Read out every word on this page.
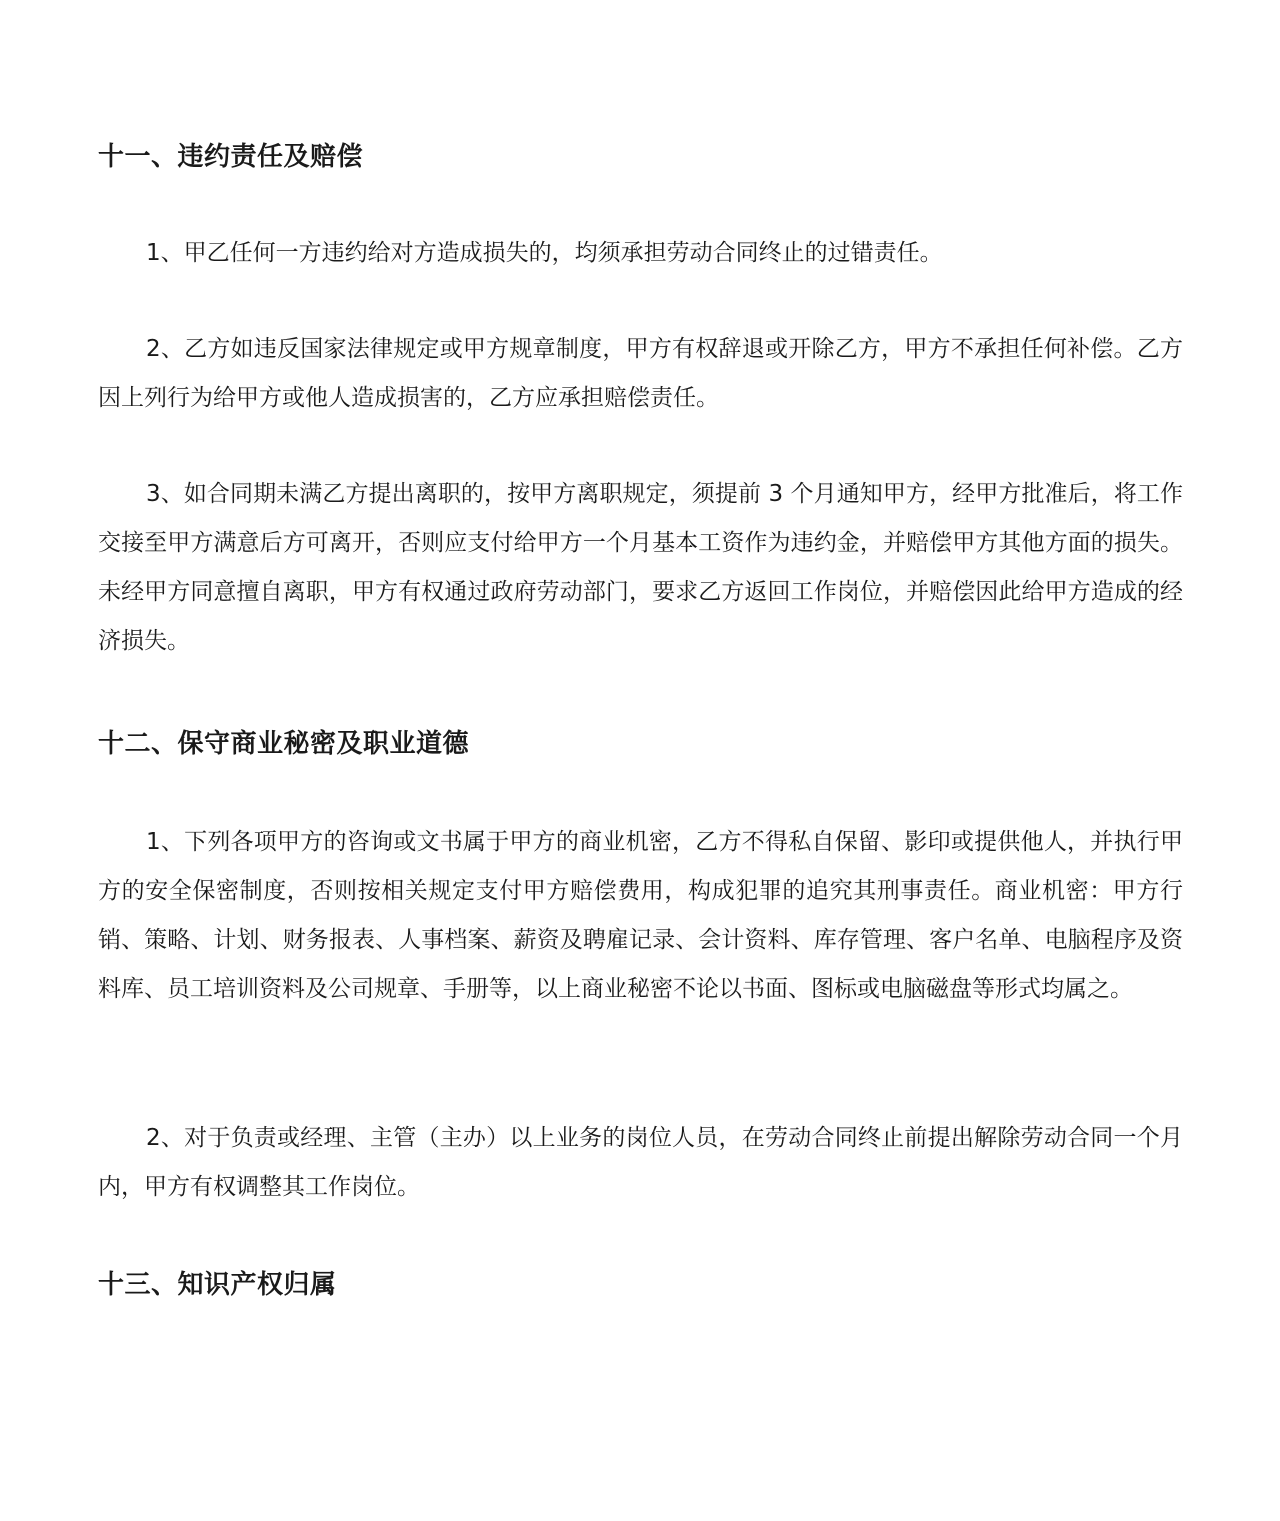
十一、违约责任及赔偿
1、甲乙任何一方违约给对方造成损失的，均须承担劳动合同终止的过错责任。
2、乙方如违反国家法律规定或甲方规章制度，甲方有权辞退或开除乙方，甲方不承担任何补偿。乙方因上列行为给甲方或他人造成损害的，乙方应承担赔偿责任。
3、如合同期未满乙方提出离职的，按甲方离职规定，须提前 3 个月通知甲方，经甲方批准后，将工作交接至甲方满意后方可离开，否则应支付给甲方一个月基本工资作为违约金，并赔偿甲方其他方面的损失。未经甲方同意擅自离职，甲方有权通过政府劳动部门，要求乙方返回工作岗位，并赔偿因此给甲方造成的经济损失。
十二、保守商业秘密及职业道德
1、下列各项甲方的咨询或文书属于甲方的商业机密，乙方不得私自保留、影印或提供他人，并执行甲方的安全保密制度，否则按相关规定支付甲方赔偿费用，构成犯罪的追究其刑事责任。商业机密：甲方行销、策略、计划、财务报表、人事档案、薪资及聘雇记录、会计资料、库存管理、客户名单、电脑程序及资料库、员工培训资料及公司规章、手册等，以上商业秘密不论以书面、图标或电脑磁盘等形式均属之。
2、对于负责或经理、主管（主办）以上业务的岗位人员，在劳动合同终止前提出解除劳动合同一个月内，甲方有权调整其工作岗位。
十三、知识产权归属
